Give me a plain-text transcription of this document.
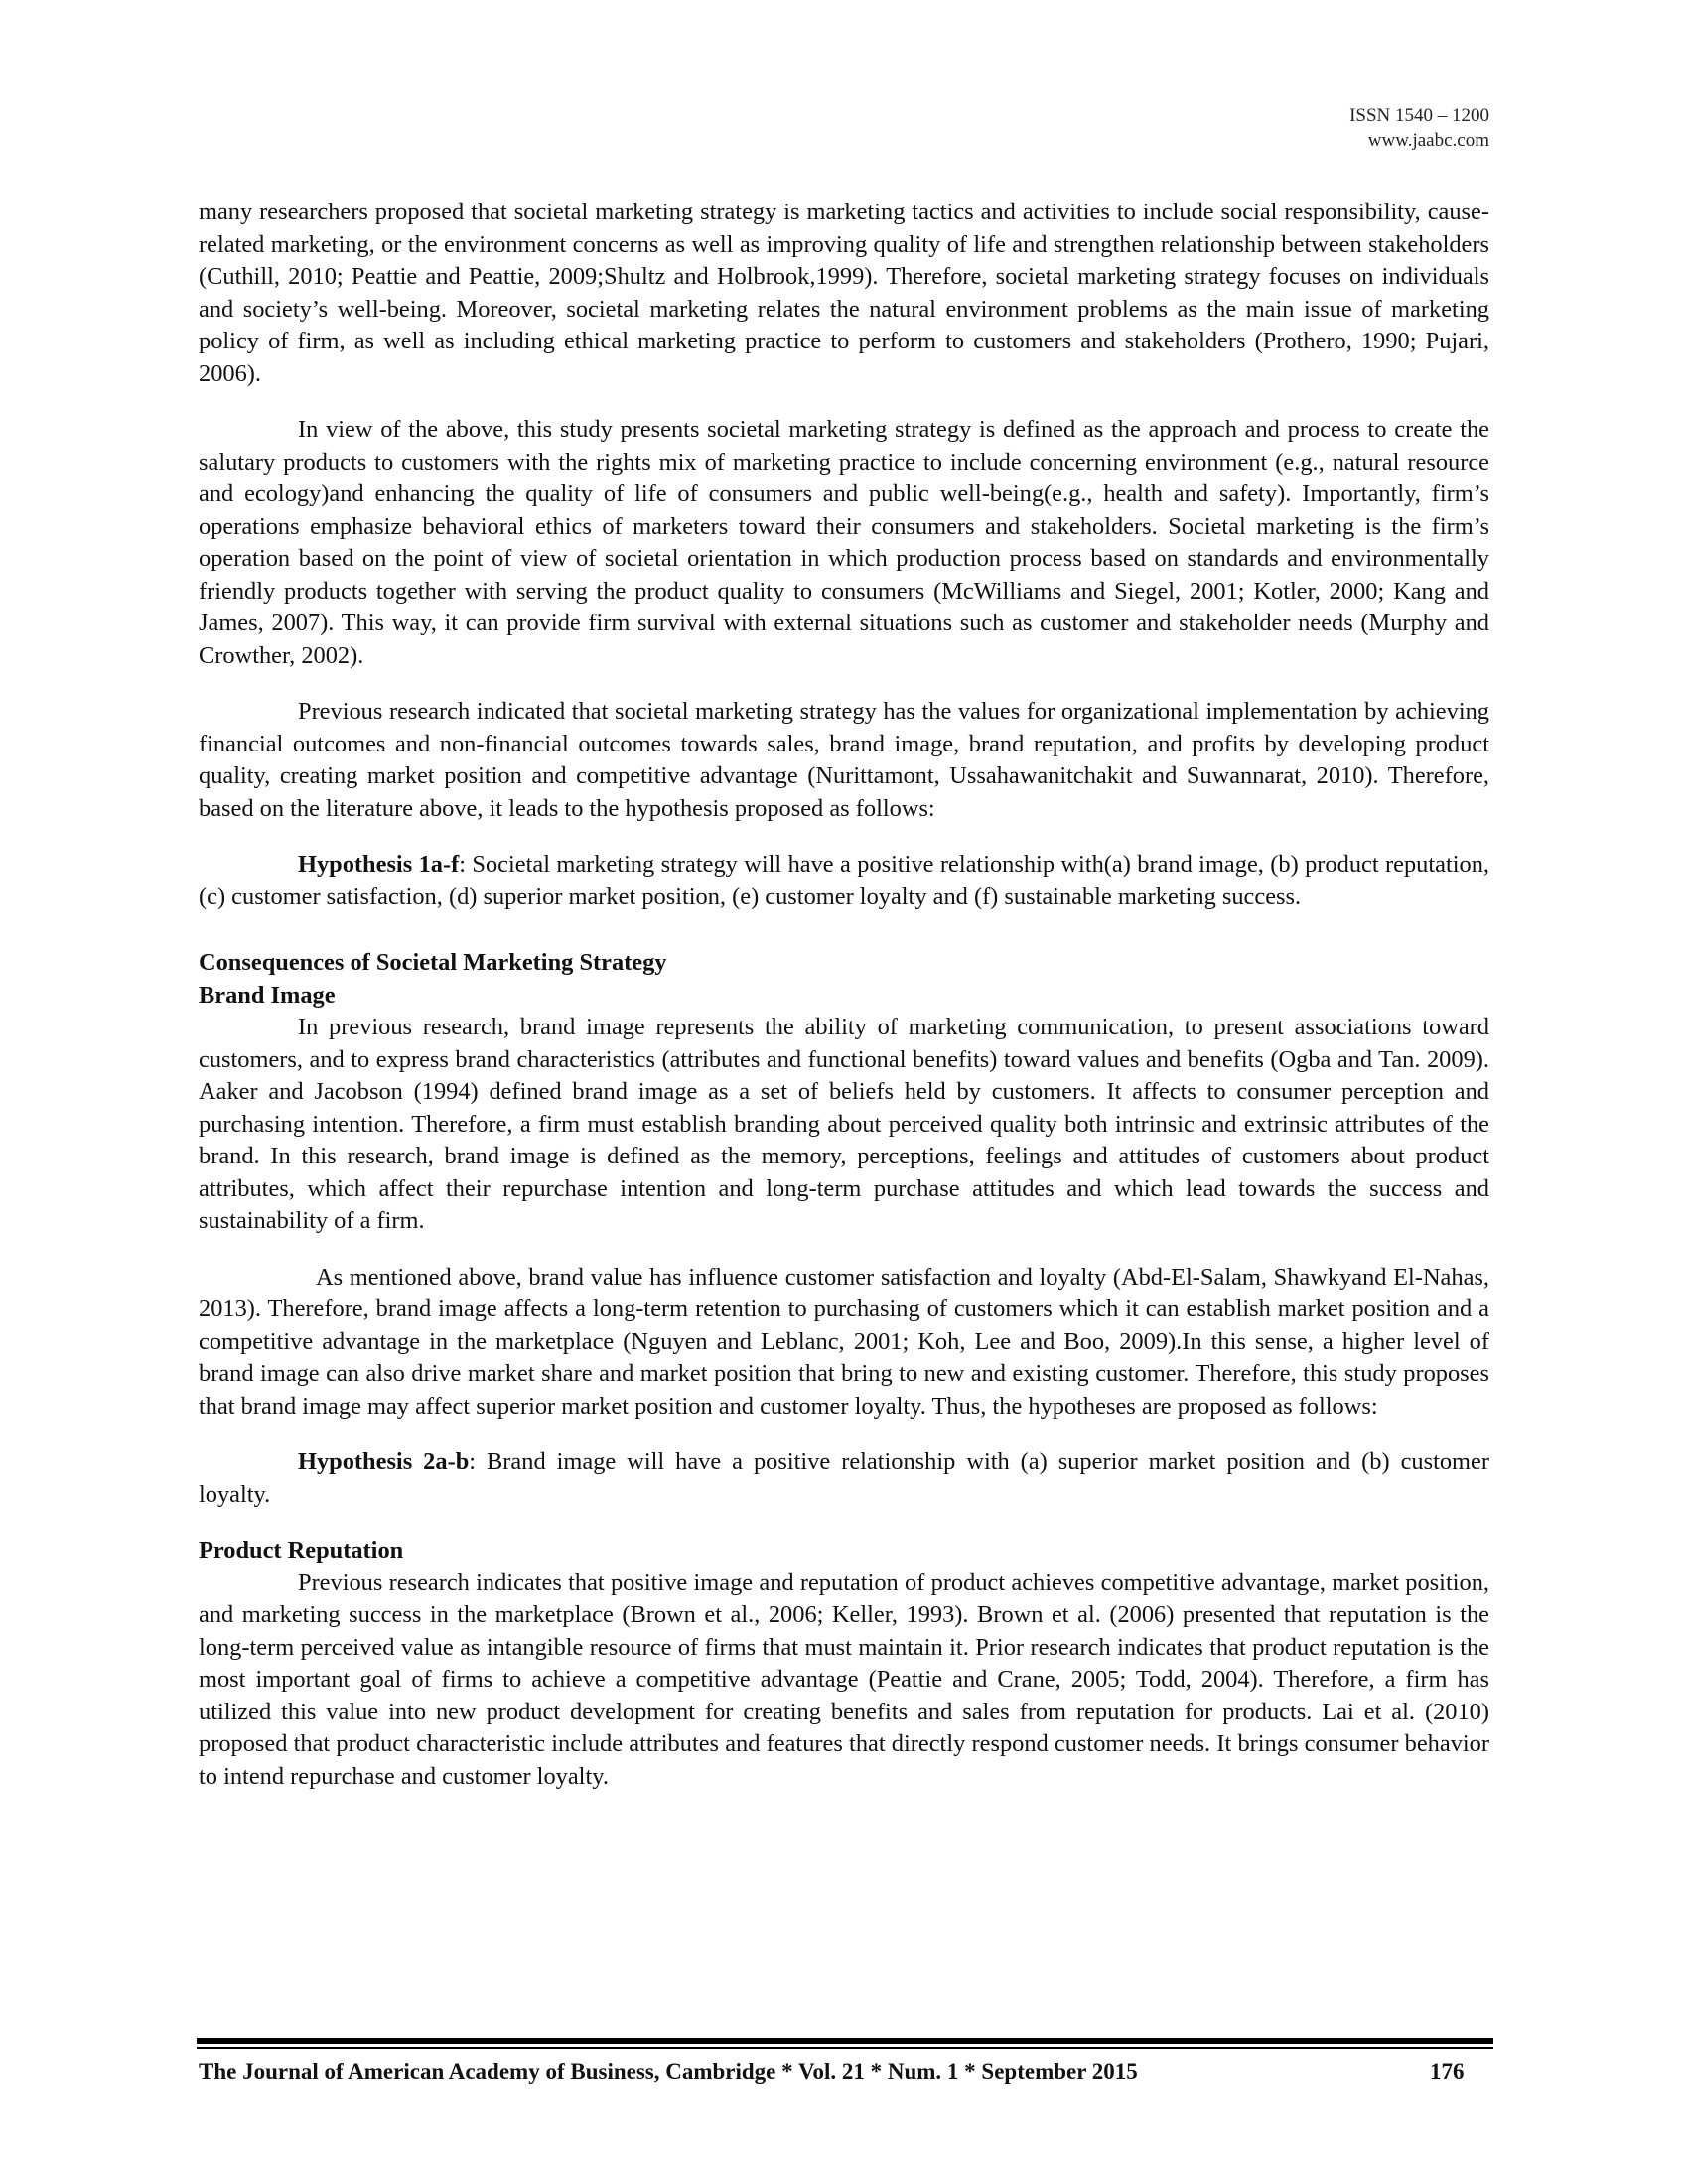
ISSN 1540 – 1200
www.jaabc.com

many researchers proposed that societal marketing strategy is marketing tactics and activities to include social responsibility, cause-related marketing, or the environment concerns as well as improving quality of life and strengthen relationship between stakeholders (Cuthill, 2010; Peattie and Peattie, 2009;Shultz and Holbrook,1999). Therefore, societal marketing strategy focuses on individuals and society’s well-being. Moreover, societal marketing relates the natural environment problems as the main issue of marketing policy of firm, as well as including ethical marketing practice to perform to customers and stakeholders (Prothero, 1990; Pujari, 2006).

In view of the above, this study presents societal marketing strategy is defined as the approach and process to create the salutary products to customers with the rights mix of marketing practice to include concerning environment (e.g., natural resource and ecology)and enhancing the quality of life of consumers and public well-being(e.g., health and safety). Importantly, firm’s operations emphasize behavioral ethics of marketers toward their consumers and stakeholders. Societal marketing is the firm’s operation based on the point of view of societal orientation in which production process based on standards and environmentally friendly products together with serving the product quality to consumers (McWilliams and Siegel, 2001; Kotler, 2000; Kang and James, 2007). This way, it can provide firm survival with external situations such as customer and stakeholder needs (Murphy and Crowther, 2002).

Previous research indicated that societal marketing strategy has the values for organizational implementation by achieving financial outcomes and non-financial outcomes towards sales, brand image, brand reputation, and profits by developing product quality, creating market position and competitive advantage (Nurittamont, Ussahawanitchakit and Suwannarat, 2010). Therefore, based on the literature above, it leads to the hypothesis proposed as follows:

Hypothesis 1a-f: Societal marketing strategy will have a positive relationship with(a) brand image, (b) product reputation, (c) customer satisfaction, (d) superior market position, (e) customer loyalty and (f) sustainable marketing success.

Consequences of Societal Marketing Strategy

Brand Image

In previous research, brand image represents the ability of marketing communication, to present associations toward customers, and to express brand characteristics (attributes and functional benefits) toward values and benefits (Ogba and Tan. 2009). Aaker and Jacobson (1994) defined brand image as a set of beliefs held by customers. It affects to consumer perception and purchasing intention. Therefore, a firm must establish branding about perceived quality both intrinsic and extrinsic attributes of the brand. In this research, brand image is defined as the memory, perceptions, feelings and attitudes of customers about product attributes, which affect their repurchase intention and long-term purchase attitudes and which lead towards the success and sustainability of a firm.

As mentioned above, brand value has influence customer satisfaction and loyalty (Abd-El-Salam, Shawkyand El-Nahas, 2013). Therefore, brand image affects a long-term retention to purchasing of customers which it can establish market position and a competitive advantage in the marketplace (Nguyen and Leblanc, 2001; Koh, Lee and Boo, 2009).In this sense, a higher level of brand image can also drive market share and market position that bring to new and existing customer. Therefore, this study proposes that brand image may affect superior market position and customer loyalty. Thus, the hypotheses are proposed as follows:

Hypothesis 2a-b: Brand image will have a positive relationship with (a) superior market position and (b) customer loyalty.

Product Reputation

Previous research indicates that positive image and reputation of product achieves competitive advantage, market position, and marketing success in the marketplace (Brown et al., 2006; Keller, 1993). Brown et al. (2006) presented that reputation is the long-term perceived value as intangible resource of firms that must maintain it. Prior research indicates that product reputation is the most important goal of firms to achieve a competitive advantage (Peattie and Crane, 2005; Todd, 2004). Therefore, a firm has utilized this value into new product development for creating benefits and sales from reputation for products. Lai et al. (2010) proposed that product characteristic include attributes and features that directly respond customer needs. It brings consumer behavior to intend repurchase and customer loyalty.

The Journal of American Academy of Business, Cambridge * Vol. 21 * Num. 1 * September 2015	176
